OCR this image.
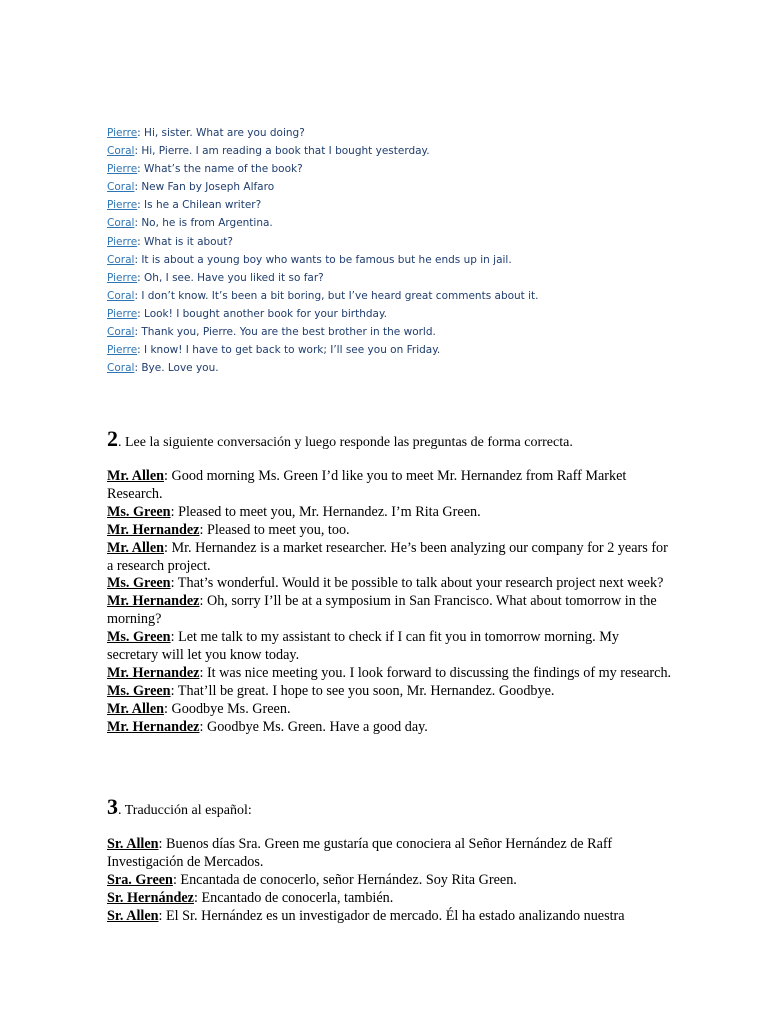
Pierre: Hi, sister. What are you doing?
Coral: Hi, Pierre. I am reading a book that I bought yesterday.
Pierre: What’s the name of the book?
Coral: New Fan by Joseph Alfaro
Pierre: Is he a Chilean writer?
Coral: No, he is from Argentina.
Pierre: What is it about?
Coral: It is about a young boy who wants to be famous but he ends up in jail.
Pierre: Oh, I see. Have you liked it so far?
Coral: I don’t know. It’s been a bit boring, but I’ve heard great comments about it.
Pierre: Look! I bought another book for your birthday.
Coral: Thank you, Pierre. You are the best brother in the world.
Pierre: I know! I have to get back to work; I’ll see you on Friday.
Coral: Bye. Love you.
2. Lee la siguiente conversación y luego responde las preguntas de forma correcta.
Mr. Allen: Good morning Ms. Green I’d like you to meet Mr. Hernandez from Raff Market Research.
Ms. Green: Pleased to meet you, Mr. Hernandez. I’m Rita Green.
Mr. Hernandez: Pleased to meet you, too.
Mr. Allen: Mr. Hernandez is a market researcher. He’s been analyzing our company for 2 years for a research project.
Ms. Green: That’s wonderful. Would it be possible to talk about your research project next week?
Mr. Hernandez: Oh, sorry I’ll be at a symposium in San Francisco. What about tomorrow in the morning?
Ms. Green: Let me talk to my assistant to check if I can fit you in tomorrow morning. My secretary will let you know today.
Mr. Hernandez: It was nice meeting you. I look forward to discussing the findings of my research.
Ms. Green: That’ll be great. I hope to see you soon, Mr. Hernandez. Goodbye.
Mr. Allen: Goodbye Ms. Green.
Mr. Hernandez: Goodbye Ms. Green. Have a good day.
3. Traducción al español:
Sr. Allen: Buenos días Sra. Green me gustaría que conociera al Señor Hernández de Raff Investigación de Mercados.
Sra. Green: Encantada de conocerlo, señor Hernández. Soy Rita Green.
Sr. Hernández: Encantado de conocerla, también.
Sr. Allen: El Sr. Hernández es un investigador de mercado. Él ha estado analizando nuestra
